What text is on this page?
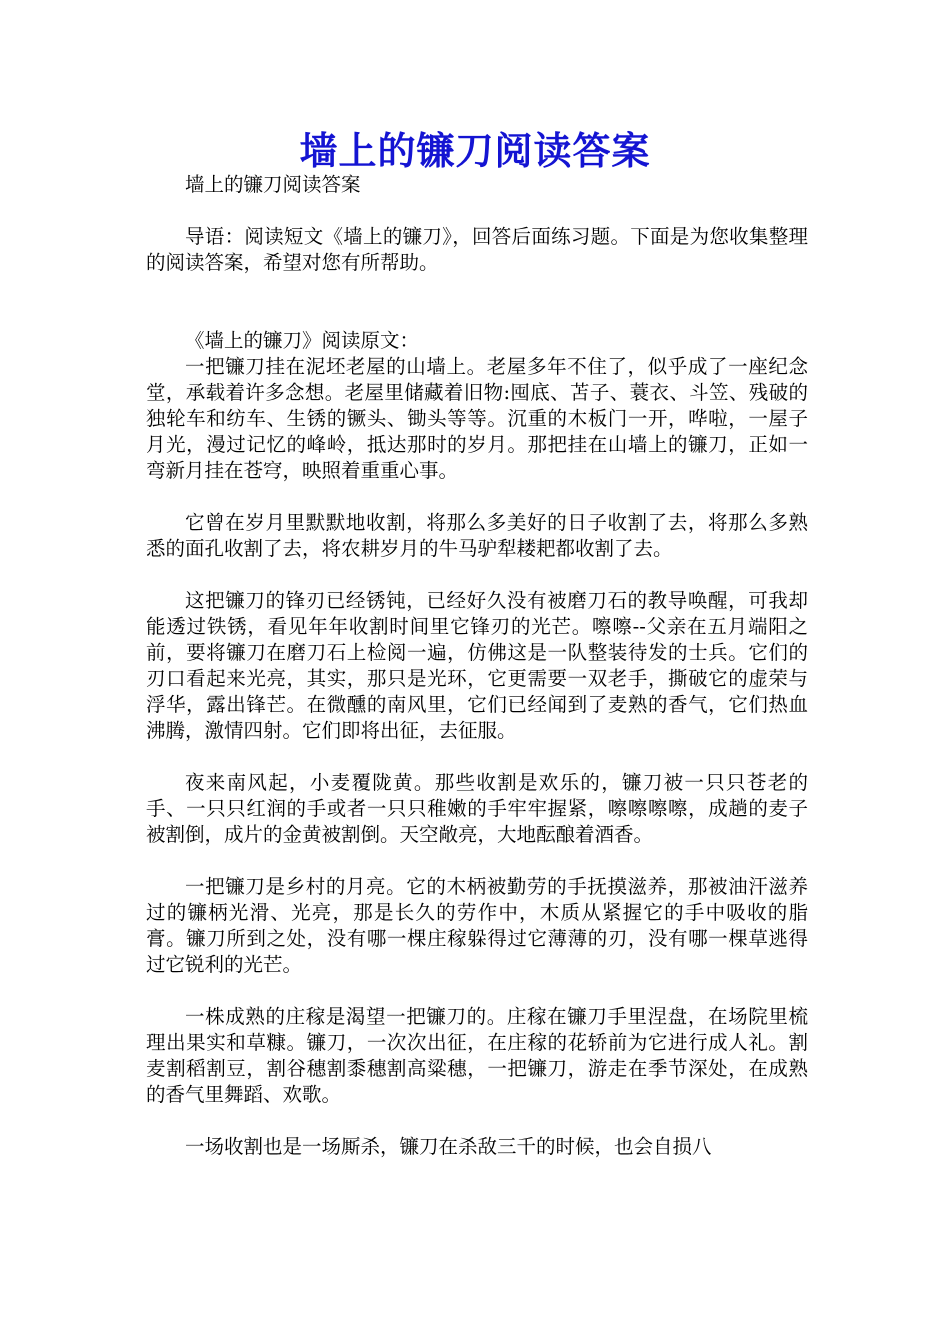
墙上的镰刀阅读答案

墙上的镰刀阅读答案

导语：阅读短文《墙上的镰刀》，回答后面练习题。下面是为您收集整理的阅读答案，希望对您有所帮助。

《墙上的镰刀》阅读原文：

一把镰刀挂在泥坯老屋的山墙上。老屋多年不住了，似乎成了一座纪念堂，承载着许多念想。老屋里储藏着旧物:囤底、苫子、蓑衣、斗笠、残破的独轮车和纺车、生锈的镢头、锄头等等。沉重的木板门一开，哗啦，一屋子月光，漫过记忆的峰岭，抵达那时的岁月。那把挂在山墙上的镰刀，正如一弯新月挂在苍穹，映照着重重心事。

它曾在岁月里默默地收割，将那么多美好的日子收割了去，将那么多熟悉的面孔收割了去，将农耕岁月的牛马驴犁耧耙都收割了去。

这把镰刀的锋刃已经锈钝，已经好久没有被磨刀石的教导唤醒，可我却能透过铁锈，看见年年收割时间里它锋刃的光芒。嚓嚓--父亲在五月端阳之前，要将镰刀在磨刀石上检阅一遍，仿佛这是一队整装待发的士兵。它们的刃口看起来光亮，其实，那只是光环，它更需要一双老手，撕破它的虚荣与浮华，露出锋芒。在微醺的南风里，它们已经闻到了麦熟的香气，它们热血沸腾，激情四射。它们即将出征，去征服。

夜来南风起，小麦覆陇黄。那些收割是欢乐的，镰刀被一只只苍老的手、一只只红润的手或者一只只稚嫩的手牢牢握紧，嚓嚓嚓嚓，成趟的麦子被割倒，成片的金黄被割倒。天空敞亮，大地酝酿着酒香。

一把镰刀是乡村的月亮。它的木柄被勤劳的手抚摸滋养，那被油汗滋养过的镰柄光滑、光亮，那是长久的劳作中，木质从紧握它的手中吸收的脂膏。镰刀所到之处，没有哪一棵庄稼躲得过它薄薄的刃，没有哪一棵草逃得过它锐利的光芒。

一株成熟的庄稼是渴望一把镰刀的。庄稼在镰刀手里涅盘，在场院里梳理出果实和草糠。镰刀，一次次出征，在庄稼的花轿前为它进行成人礼。割麦割稻割豆，割谷穗割黍穗割高粱穗，一把镰刀，游走在季节深处，在成熟的香气里舞蹈、欢歌。

一场收割也是一场厮杀，镰刀在杀敌三千的时候，也会自损八
